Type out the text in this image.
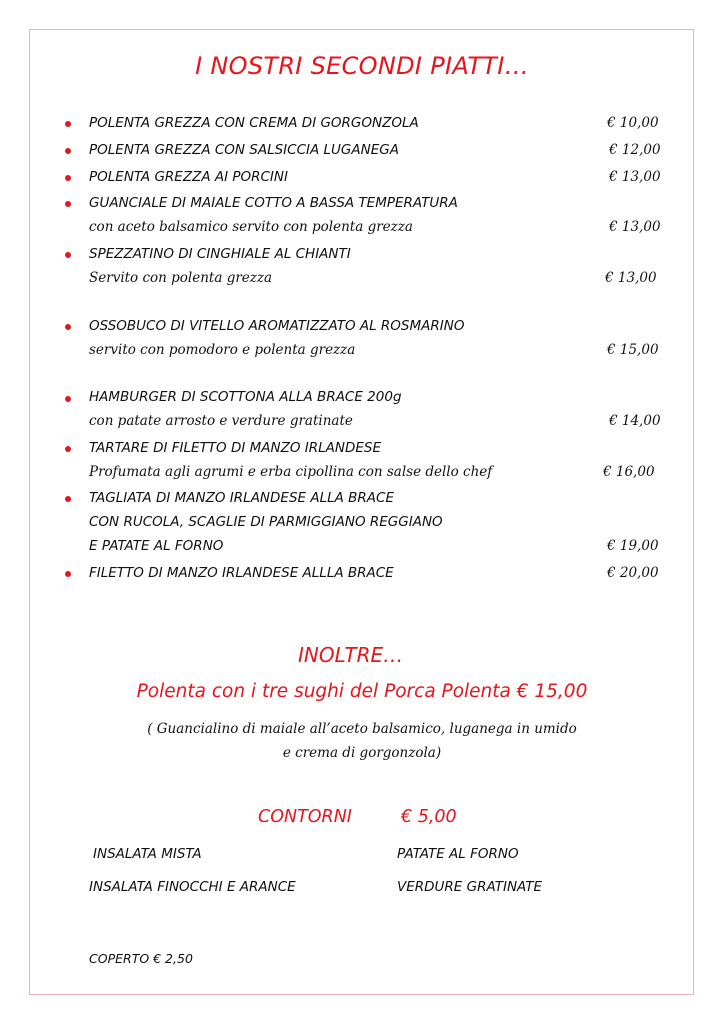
I NOSTRI SECONDI PIATTI…
POLENTA GREZZA CON CREMA DI GORGONZOLA	€ 10,00
POLENTA GREZZA CON SALSICCIA LUGANEGA	€ 12,00
POLENTA GREZZA AI PORCINI	€ 13,00
GUANCIALE DI MAIALE COTTO A BASSA TEMPERATURA
con aceto balsamico servito con polenta grezza	€ 13,00
SPEZZATINO DI CINGHIALE AL CHIANTI
Servito con polenta grezza	€ 13,00
OSSOBUCO DI VITELLO AROMATIZZATO AL ROSMARINO
servito con pomodoro e polenta grezza	€ 15,00
HAMBURGER DI SCOTTONA ALLA BRACE 200g
con patate arrosto e verdure gratinate	€ 14,00
TARTARE DI FILETTO DI MANZO IRLANDESE
Profumata agli agrumi e erba cipollina con salse dello chef	€ 16,00
TAGLIATA DI MANZO IRLANDESE ALLA BRACE
CON RUCOLA, SCAGLIE DI PARMIGGIANO REGGIANO
E PATATE AL FORNO	€ 19,00
FILETTO DI MANZO IRLANDESE ALLLA BRACE	€ 20,00
INOLTRE…
Polenta con i tre sughi del Porca Polenta € 15,00
( Guancialino di maiale all’aceto balsamico, luganega in umido
e crema di gorgonzola)
CONTORNI	€ 5,00
INSALATA MISTA
INSALATA FINOCCHI E ARANCE
PATATE AL FORNO
VERDURE GRATINATE
COPERTO € 2,50
